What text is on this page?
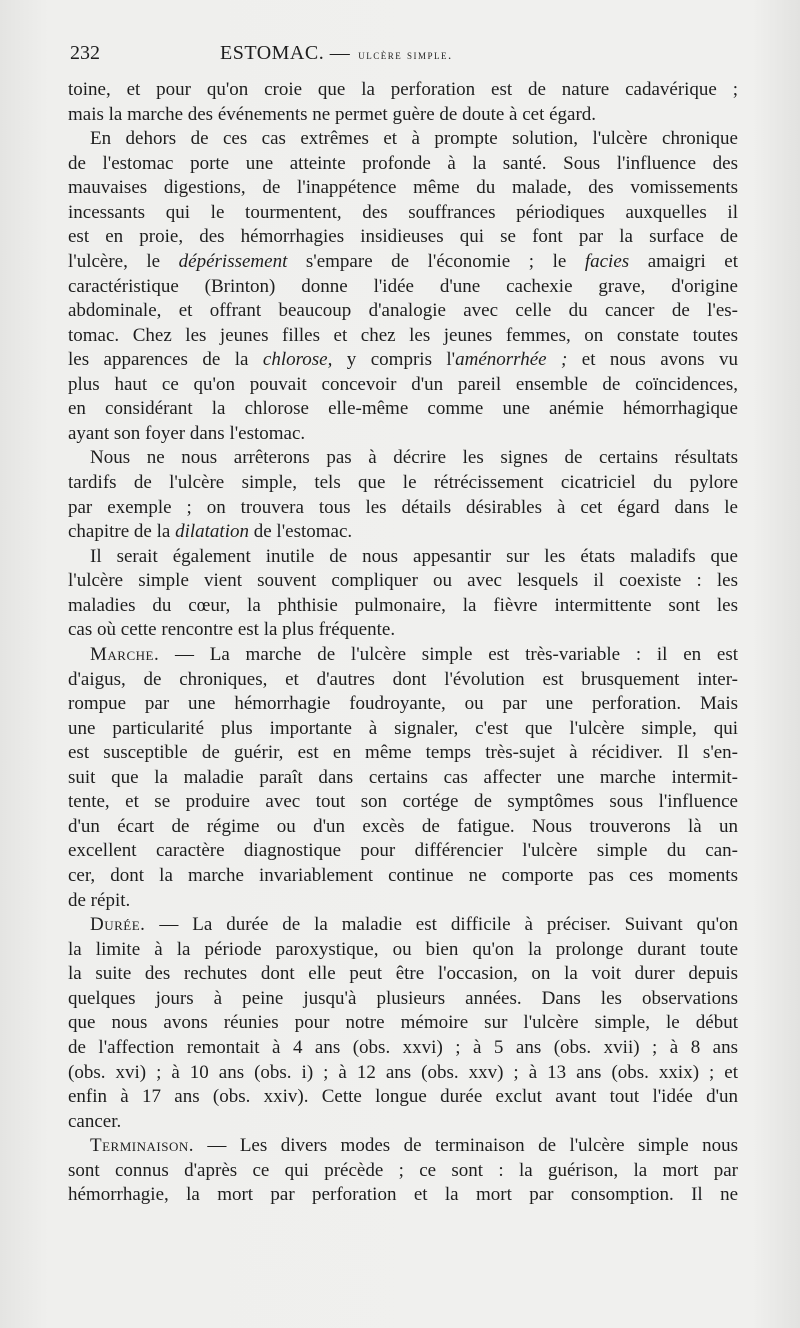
232	ESTOMAC. — ulcère simple.
toine, et pour qu'on croie que la perforation est de nature cadavérique ;
mais la marche des événements ne permet guère de doute à cet égard.
En dehors de ces cas extrêmes et à prompte solution, l'ulcère chronique
de l'estomac porte une atteinte profonde à la santé. Sous l'influence des
mauvaises digestions, de l'inappétence même du malade, des vomissements
incessants qui le tourmentent, des souffrances périodiques auxquelles il
est en proie, des hémorrhagies insidieuses qui se font par la surface de
l'ulcère, le dépérissement s'empare de l'économie ; le facies amaigri et
caractéristique (Brinton) donne l'idée d'une cachexie grave, d'origine
abdominale, et offrant beaucoup d'analogie avec celle du cancer de l'es-
tomac. Chez les jeunes filles et chez les jeunes femmes, on constate toutes
les apparences de la chlorose, y compris l'aménorrhée ; et nous avons vu
plus haut ce qu'on pouvait concevoir d'un pareil ensemble de coïncidences,
en considérant la chlorose elle-même comme une anémie hémorrhagique
ayant son foyer dans l'estomac.
Nous ne nous arrêterons pas à décrire les signes de certains résultats
tardifs de l'ulcère simple, tels que le rétrécissement cicatriciel du pylore
par exemple ; on trouvera tous les détails désirables à cet égard dans le
chapitre de la dilatation de l'estomac.
Il serait également inutile de nous appesantir sur les états maladifs que
l'ulcère simple vient souvent compliquer ou avec lesquels il coexiste : les
maladies du cœur, la phthisie pulmonaire, la fièvre intermittente sont les
cas où cette rencontre est la plus fréquente.
Marche. — La marche de l'ulcère simple est très-variable : il en est
d'aigus, de chroniques, et d'autres dont l'évolution est brusquement inter-
rompue par une hémorrhagie foudroyante, ou par une perforation. Mais
une particularité plus importante à signaler, c'est que l'ulcère simple, qui
est susceptible de guérir, est en même temps très-sujet à récidiver. Il s'en-
suit que la maladie paraît dans certains cas affecter une marche intermit-
tente, et se produire avec tout son cortége de symptômes sous l'influence
d'un écart de régime ou d'un excès de fatigue. Nous trouverons là un
excellent caractère diagnostique pour différencier l'ulcère simple du can-
cer, dont la marche invariablement continue ne comporte pas ces moments
de répit.
Durée. — La durée de la maladie est difficile à préciser. Suivant qu'on
la limite à la période paroxystique, ou bien qu'on la prolonge durant toute
la suite des rechutes dont elle peut être l'occasion, on la voit durer depuis
quelques jours à peine jusqu'à plusieurs années. Dans les observations
que nous avons réunies pour notre mémoire sur l'ulcère simple, le début
de l'affection remontait à 4 ans (obs. xxvi) ; à 5 ans (obs. xvii) ; à 8 ans
(obs. xvi) ; à 10 ans (obs. i) ; à 12 ans (obs. xxv) ; à 13 ans (obs. xxix) ; et
enfin à 17 ans (obs. xxiv). Cette longue durée exclut avant tout l'idée d'un
cancer.
Terminaison. — Les divers modes de terminaison de l'ulcère simple nous
sont connus d'après ce qui précède ; ce sont : la guérison, la mort par
hémorrhagie, la mort par perforation et la mort par consomption. Il ne
